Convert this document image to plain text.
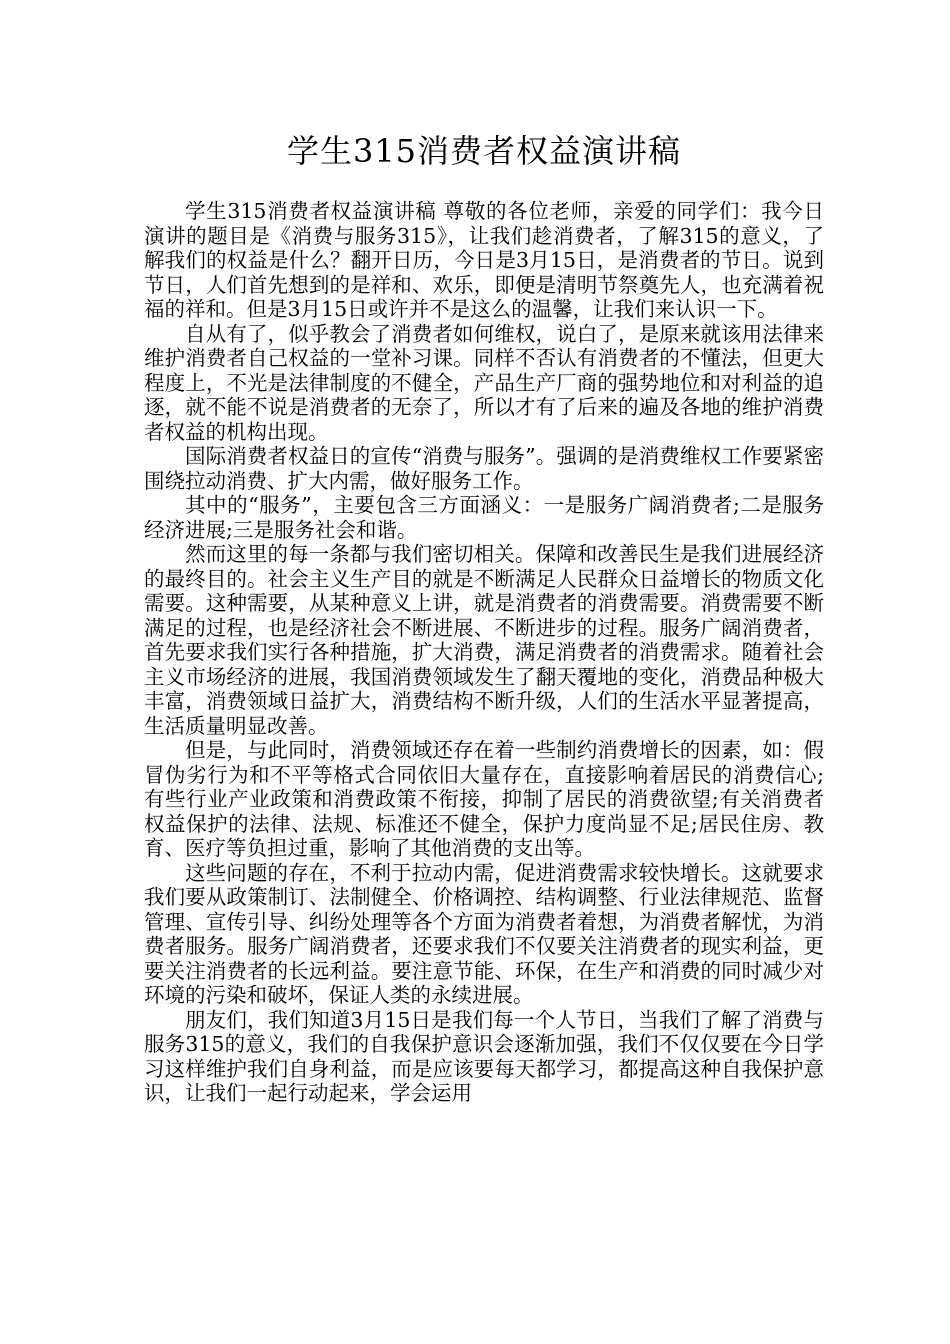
学生315消费者权益演讲稿

学生315消费者权益演讲稿 尊敬的各位老师，亲爱的同学们：我今日演讲的题目是《消费与服务315》，让我们趁消费者，了解315的意义，了解我们的权益是什么？翻开日历，今日是3月15日，是消费者的节日。说到节日，人们首先想到的是祥和、欢乐，即便是清明节祭奠先人，也充满着祝福的祥和。但是3月15日或许并不是这么的温馨，让我们来认识一下。

自从有了，似乎教会了消费者如何维权，说白了，是原来就该用法律来维护消费者自己权益的一堂补习课。同样不否认有消费者的不懂法，但更大程度上，不光是法律制度的不健全，产品生产厂商的强势地位和对利益的追逐，就不能不说是消费者的无奈了，所以才有了后来的遍及各地的维护消费者权益的机构出现。

国际消费者权益日的宣传“消费与服务”。强调的是消费维权工作要紧密围绕拉动消费、扩大内需，做好服务工作。

其中的“服务”，主要包含三方面涵义：一是服务广阔消费者;二是服务经济进展;三是服务社会和谐。

然而这里的每一条都与我们密切相关。保障和改善民生是我们进展经济的最终目的。社会主义生产目的就是不断满足人民群众日益增长的物质文化需要。这种需要，从某种意义上讲，就是消费者的消费需要。消费需要不断满足的过程，也是经济社会不断进展、不断进步的过程。服务广阔消费者，首先要求我们实行各种措施，扩大消费，满足消费者的消费需求。随着社会主义市场经济的进展，我国消费领域发生了翻天覆地的变化，消费品种极大丰富，消费领域日益扩大，消费结构不断升级，人们的生活水平显著提高，生活质量明显改善。

但是，与此同时，消费领域还存在着一些制约消费增长的因素，如：假冒伪劣行为和不平等格式合同依旧大量存在，直接影响着居民的消费信心;有些行业产业政策和消费政策不衔接，抑制了居民的消费欲望;有关消费者权益保护的法律、法规、标准还不健全，保护力度尚显不足;居民住房、教育、医疗等负担过重，影响了其他消费的支出等。

这些问题的存在，不利于拉动内需，促进消费需求较快增长。这就要求我们要从政策制订、法制健全、价格调控、结构调整、行业法律规范、监督管理、宣传引导、纠纷处理等各个方面为消费者着想，为消费者解忧，为消费者服务。服务广阔消费者，还要求我们不仅要关注消费者的现实利益，更要关注消费者的长远利益。要注意节能、环保，在生产和消费的同时减少对环境的污染和破坏，保证人类的永续进展。

朋友们，我们知道3月15日是我们每一个人节日，当我们了解了消费与服务315的意义，我们的自我保护意识会逐渐加强，我们不仅仅要在今日学习这样维护我们自身利益，而是应该要每天都学习，都提高这种自我保护意识，让我们一起行动起来，学会运用
